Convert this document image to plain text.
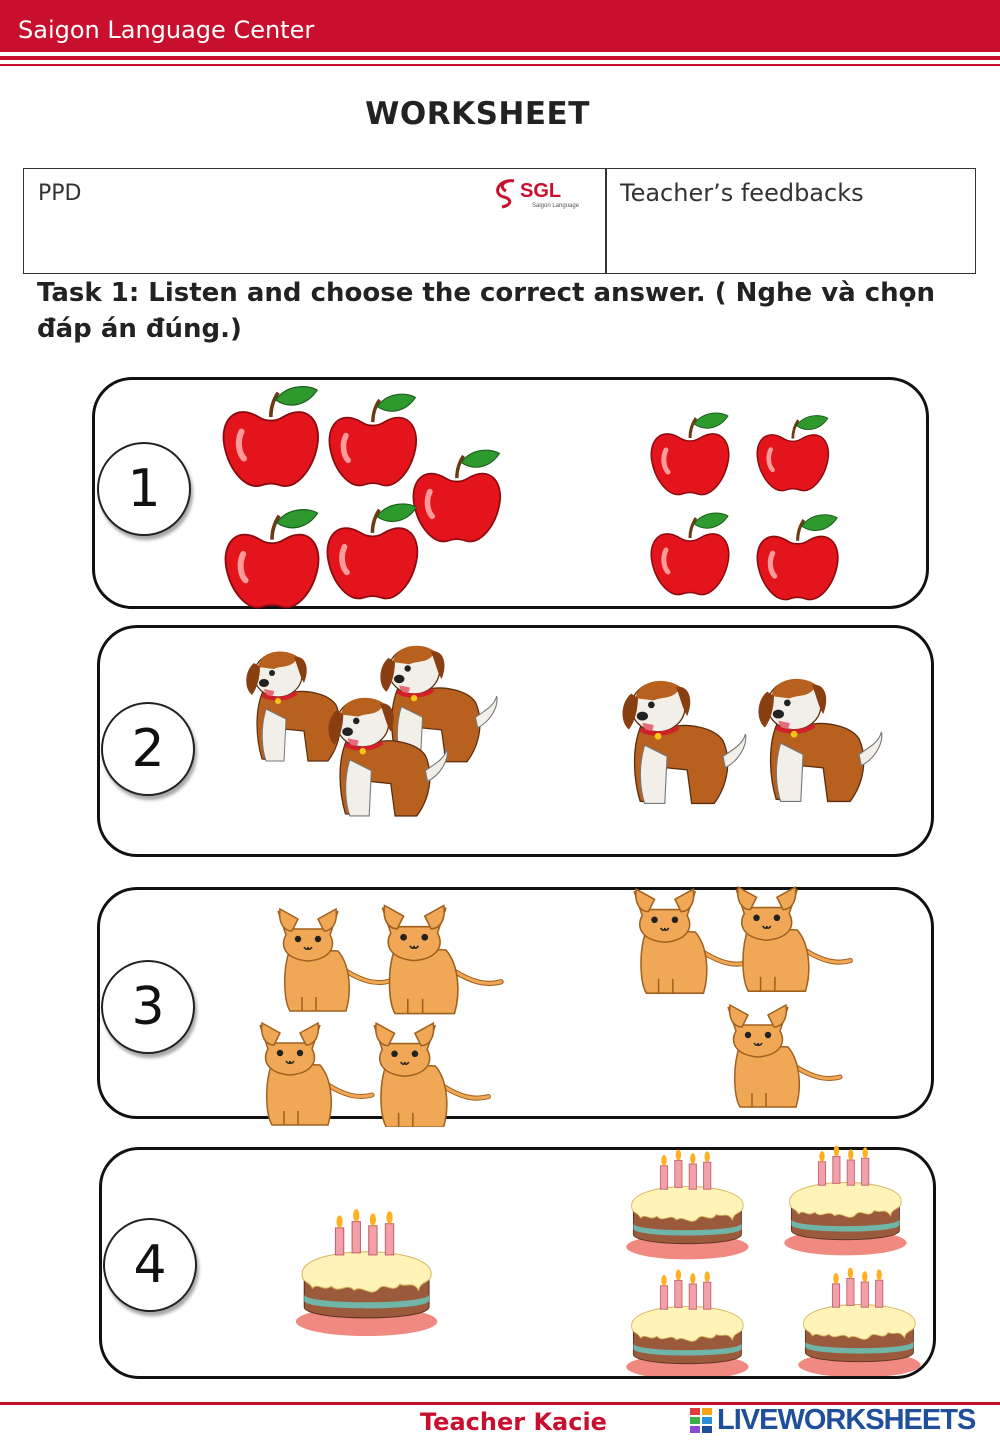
Saigon Language Center
WORKSHEET
PPD	SGL
Saigon Language Teacher’s feedbacks
Task 1: Listen and choose the correct answer. ( Nghe và chọn đáp án đúng.)
1
2
3
4
Teacher Kacie	LIVEWORKSHEETS
